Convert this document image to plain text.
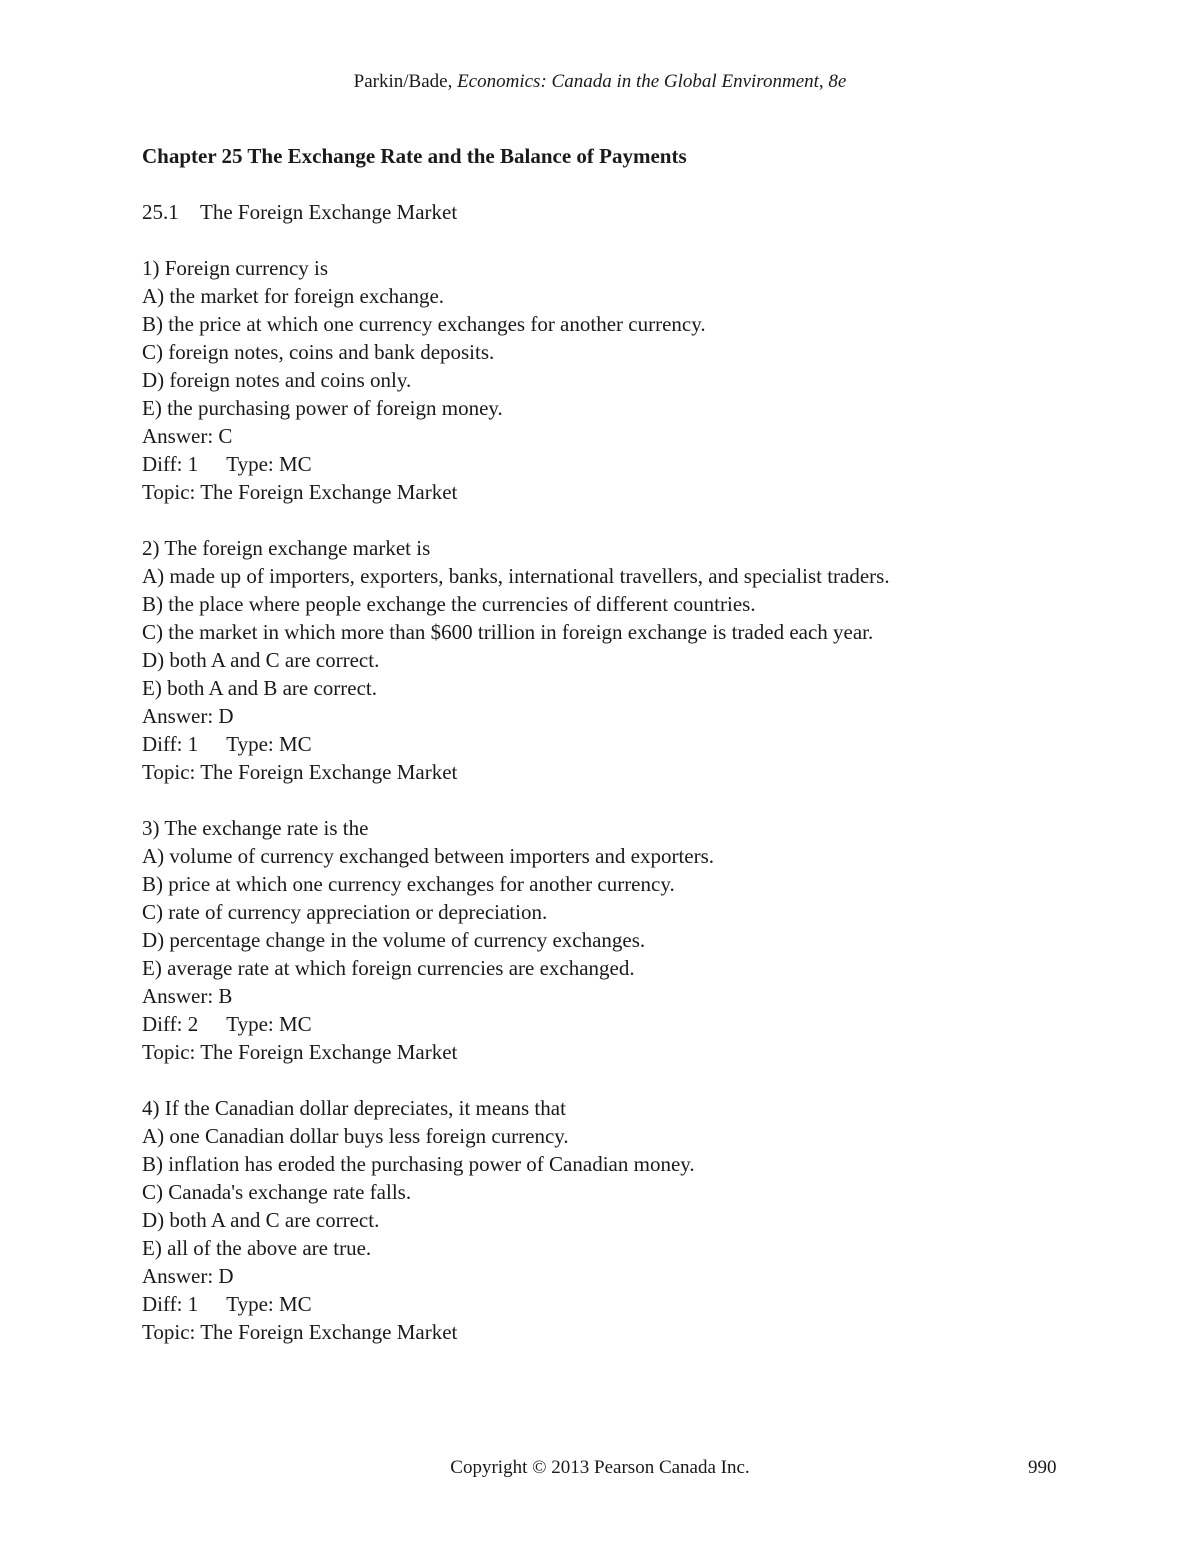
Parkin/Bade, Economics: Canada in the Global Environment, 8e
Chapter 25 The Exchange Rate and the Balance of Payments
25.1 The Foreign Exchange Market
1) Foreign currency is
A) the market for foreign exchange.
B) the price at which one currency exchanges for another currency.
C) foreign notes, coins and bank deposits.
D) foreign notes and coins only.
E) the purchasing power of foreign money.
Answer: C
Diff: 1 Type: MC
Topic: The Foreign Exchange Market
2) The foreign exchange market is
A) made up of importers, exporters, banks, international travellers, and specialist traders.
B) the place where people exchange the currencies of different countries.
C) the market in which more than $600 trillion in foreign exchange is traded each year.
D) both A and C are correct.
E) both A and B are correct.
Answer: D
Diff: 1 Type: MC
Topic: The Foreign Exchange Market
3) The exchange rate is the
A) volume of currency exchanged between importers and exporters.
B) price at which one currency exchanges for another currency.
C) rate of currency appreciation or depreciation.
D) percentage change in the volume of currency exchanges.
E) average rate at which foreign currencies are exchanged.
Answer: B
Diff: 2 Type: MC
Topic: The Foreign Exchange Market
4) If the Canadian dollar depreciates, it means that
A) one Canadian dollar buys less foreign currency.
B) inflation has eroded the purchasing power of Canadian money.
C) Canada's exchange rate falls.
D) both A and C are correct.
E) all of the above are true.
Answer: D
Diff: 1 Type: MC
Topic: The Foreign Exchange Market
Copyright © 2013 Pearson Canada Inc.	990
